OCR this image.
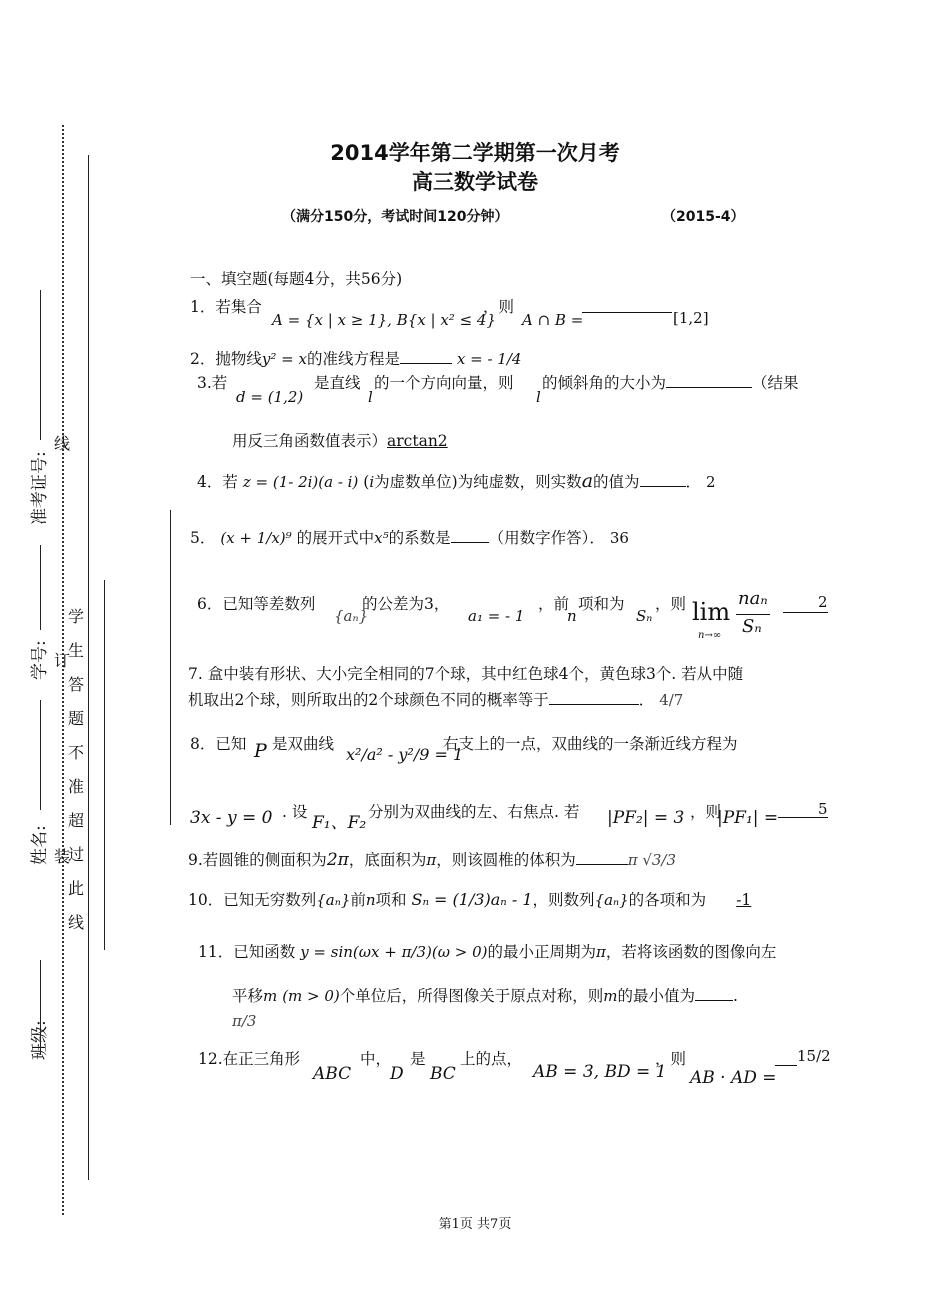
班级:
姓名:
学号:
准考证号:
装
订
线
学生答题不准超过此线
2014学年第二学期第一次月考
高三数学试卷
（满分150分，考试时间120分钟）	（2015-4）
一、填空题(每题4分，共56分)
1．若集合
A = {x | x ≥ 1}, B{x | x² ≤ 4}
，则
A ∩ B =	[1,2]
2．抛物线y² = x的准线方程是	x = - 1/4
3.若
d = (1,2)
是直线
l
的一个方向向量，则
l
的倾斜角的大小为	（结果
用反三角函数值表示）arctan2
4．若 z = (1- 2i)(a - i) (i为虚数单位)为纯虚数，则实数a的值为	． 2
5． (x + 1/x)⁹ 的展开式中x⁵的系数是 （用数字作答）． 36
6．已知等差数列
{aₙ}
的公差为3，
a₁ = - 1
，前
n
项和为
Sₙ
，则 lim
n→∞
naₙ
Sₙ
2
7. 盒中装有形状、大小完全相同的7个球，其中红色球4个，黄色球3个. 若从中随
机取出2个球，则所取出的2个球颜色不同的概率等于	． 4/7
8．已知 P 是双曲线
x²/a² - y²/9 = 1
右支上的一点，双曲线的一条渐近线方程为
3x - y = 0 . 设
F₁、F₂
分别为双曲线的左、右焦点. 若 |PF₂| = 3 ，则
|PF₁| =	5
9.若圆锥的侧面积为2π，底面积为π，则该圆椎的体积为	π √3/3
10．已知无穷数列{aₙ}前n项和 Sₙ = (1/3)aₙ - 1，则数列{aₙ}的各项和为 -1
11．已知函数 y = sin(ωx + π/3)(ω > 0)的最小正周期为π，若将该函数的图像向左
平移m (m > 0)个单位后，所得图像关于原点对称，则m的最小值为 .
π/3
12.在正三角形
ABC
中，
D
是
BC
上的点，
AB = 3, BD = 1
，则
AB · AD =
15/2
第1页 共7页
